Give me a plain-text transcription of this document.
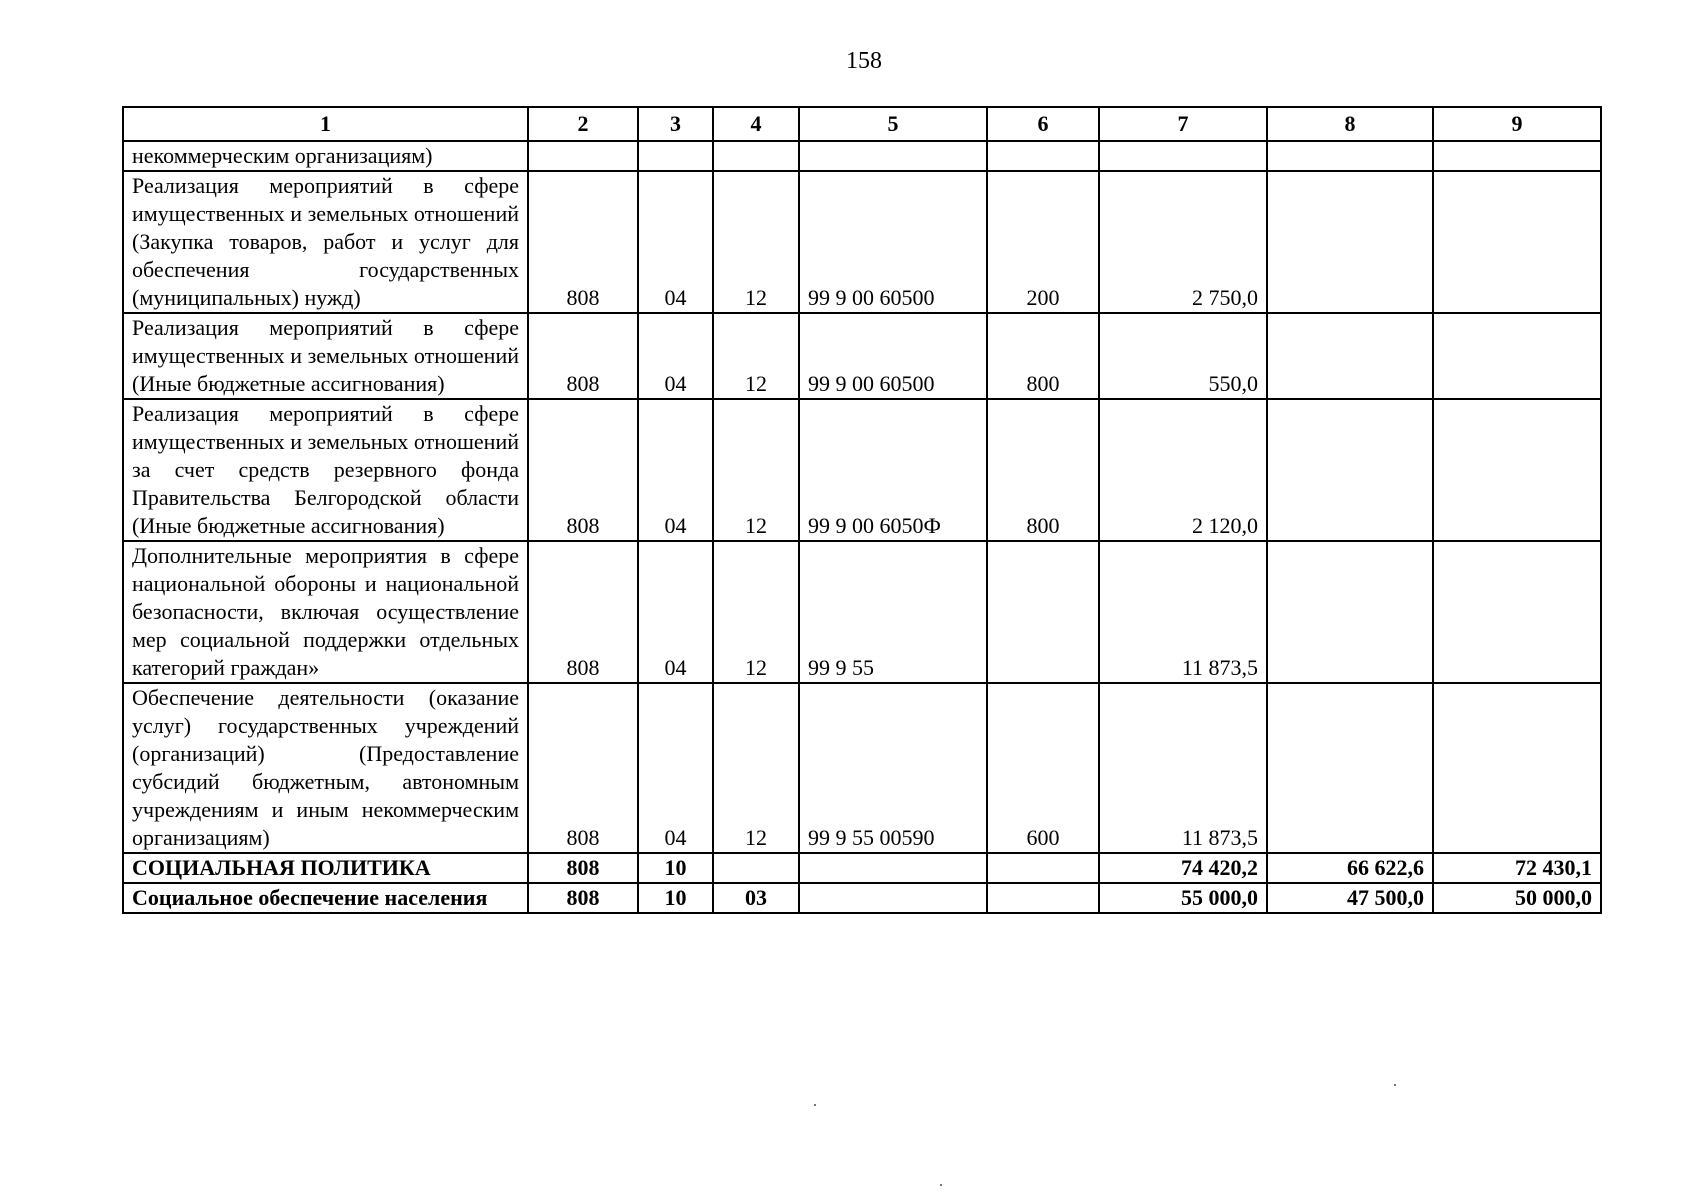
158
1	2	3	4	5	6	7	8	9
некоммерческим организациям)								
Реализация мероприятий в сфере имущественных и земельных отношений (Закупка товаров, работ и услуг для обеспечения государственных (муниципальных) нужд)	808	04	12	99 9 00 60500	200	2 750,0		
Реализация мероприятий в сфере имущественных и земельных отношений (Иные бюджетные ассигнования)	808	04	12	99 9 00 60500	800	550,0		
Реализация мероприятий в сфере имущественных и земельных отношений за счет средств резервного фонда Правительства Белгородской области (Иные бюджетные ассигнования)	808	04	12	99 9 00 6050Ф	800	2 120,0		
Дополнительные мероприятия в сфере национальной обороны и национальной безопасности, включая осуществление мер социальной поддержки отдельных категорий граждан»	808	04	12	99 9 55		11 873,5		
Обеспечение деятельности (оказание услуг) государственных учреждений (организаций) (Предоставление субсидий бюджетным, автономным учреждениям и иным некоммерческим организациям)	808	04	12	99 9 55 00590	600	11 873,5		
СОЦИАЛЬНАЯ ПОЛИТИКА	808	10				74 420,2	66 622,6	72 430,1
Социальное обеспечение населения	808	10	03			55 000,0	47 500,0	50 000,0
